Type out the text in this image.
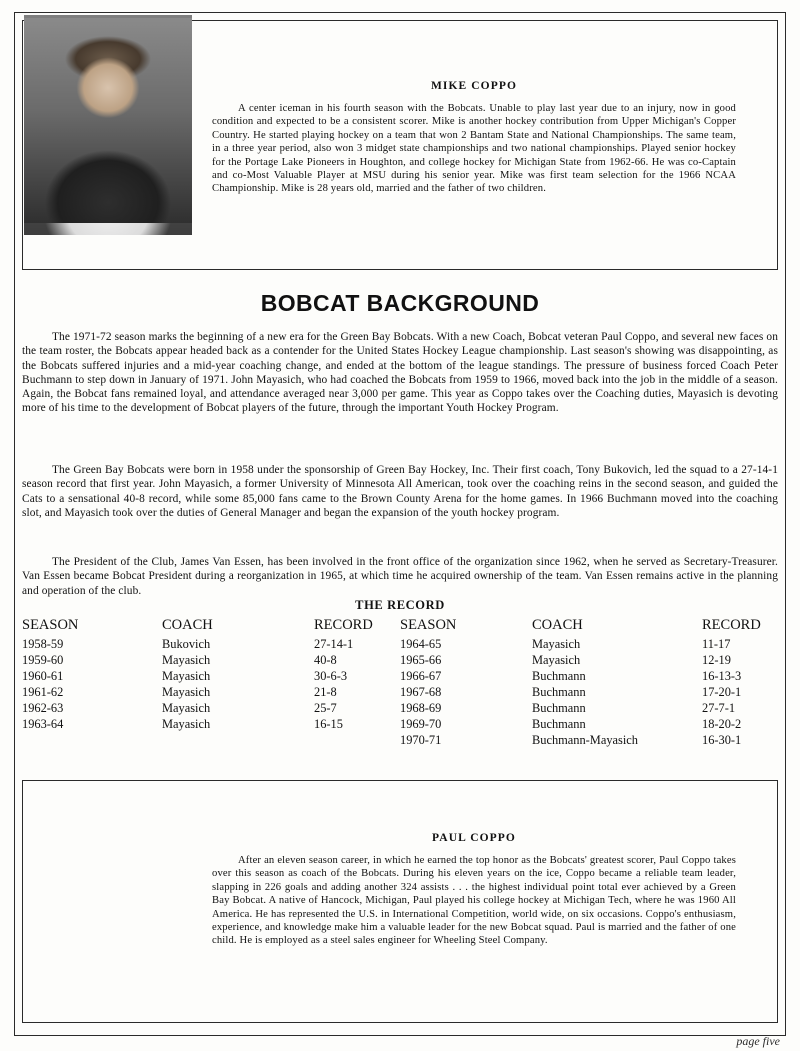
MIKE COPPO
A center iceman in his fourth season with the Bobcats. Unable to play last year due to an injury, now in good condition and expected to be a consistent scorer. Mike is another hockey contribution from Upper Michigan's Copper Country. He started playing hockey on a team that won 2 Bantam State and National Championships. The same team, in a three year period, also won 3 midget state championships and two national championships. Played senior hockey for the Portage Lake Pioneers in Houghton, and college hockey for Michigan State from 1962-66. He was co-Captain and co-Most Valuable Player at MSU during his senior year. Mike was first team selection for the 1966 NCAA Championship. Mike is 28 years old, married and the father of two children.
BOBCAT BACKGROUND

The 1971-72 season marks the beginning of a new era for the Green Bay Bobcats. With a new Coach, Bobcat veteran Paul Coppo, and several new faces on the team roster, the Bobcats appear headed back as a contender for the United States Hockey League championship. Last season's showing was disappointing, as the Bobcats suffered injuries and a mid-year coaching change, and ended at the bottom of the league standings. The pressure of business forced Coach Peter Buchmann to step down in January of 1971. John Mayasich, who had coached the Bobcats from 1959 to 1966, moved back into the job in the middle of a season. Again, the Bobcat fans remained loyal, and attendance averaged near 3,000 per game. This year as Coppo takes over the Coaching duties, Mayasich is devoting more of his time to the development of Bobcat players of the future, through the important Youth Hockey Program.

The Green Bay Bobcats were born in 1958 under the sponsorship of Green Bay Hockey, Inc. Their first coach, Tony Bukovich, led the squad to a 27-14-1 season record that first year. John Mayasich, a former University of Minnesota All American, took over the coaching reins in the second season, and guided the Cats to a sensational 40-8 record, while some 85,000 fans came to the Brown County Arena for the home games. In 1966 Buchmann moved into the coaching slot, and Mayasich took over the duties of General Manager and began the expansion of the youth hockey program.

The President of the Club, James Van Essen, has been involved in the front office of the organization since 1962, when he served as Secretary-Treasurer. Van Essen became Bobcat President during a reorganization in 1965, at which time he acquired ownership of the team. Van Essen remains active in the planning and operation of the club.

THE RECORD
SEASON	COACH	RECORD
1958-59	Bukovich	27-14-1
1959-60	Mayasich	40-8
1960-61	Mayasich	30-6-3
1961-62	Mayasich	21-8
1962-63	Mayasich	25-7
1963-64	Mayasich	16-15
SEASON	COACH	RECORD
1964-65	Mayasich	11-17
1965-66	Mayasich	12-19
1966-67	Buchmann	16-13-3
1967-68	Buchmann	17-20-1
1968-69	Buchmann	27-7-1
1969-70	Buchmann	18-20-2
1970-71	Buchmann-Mayasich	16-30-1
PAUL COPPO
After an eleven season career, in which he earned the top honor as the Bobcats' greatest scorer, Paul Coppo takes over this season as coach of the Bobcats. During his eleven years on the ice, Coppo became a reliable team leader, slapping in 226 goals and adding another 324 assists . . . the highest individual point total ever achieved by a Green Bay Bobcat. A native of Hancock, Michigan, Paul played his college hockey at Michigan Tech, where he was 1960 All America. He has represented the U.S. in International Competition, world wide, on six occasions. Coppo's enthusiasm, experience, and knowledge make him a valuable leader for the new Bobcat squad. Paul is married and the father of one child. He is employed as a steel sales engineer for Wheeling Steel Company.
page five
